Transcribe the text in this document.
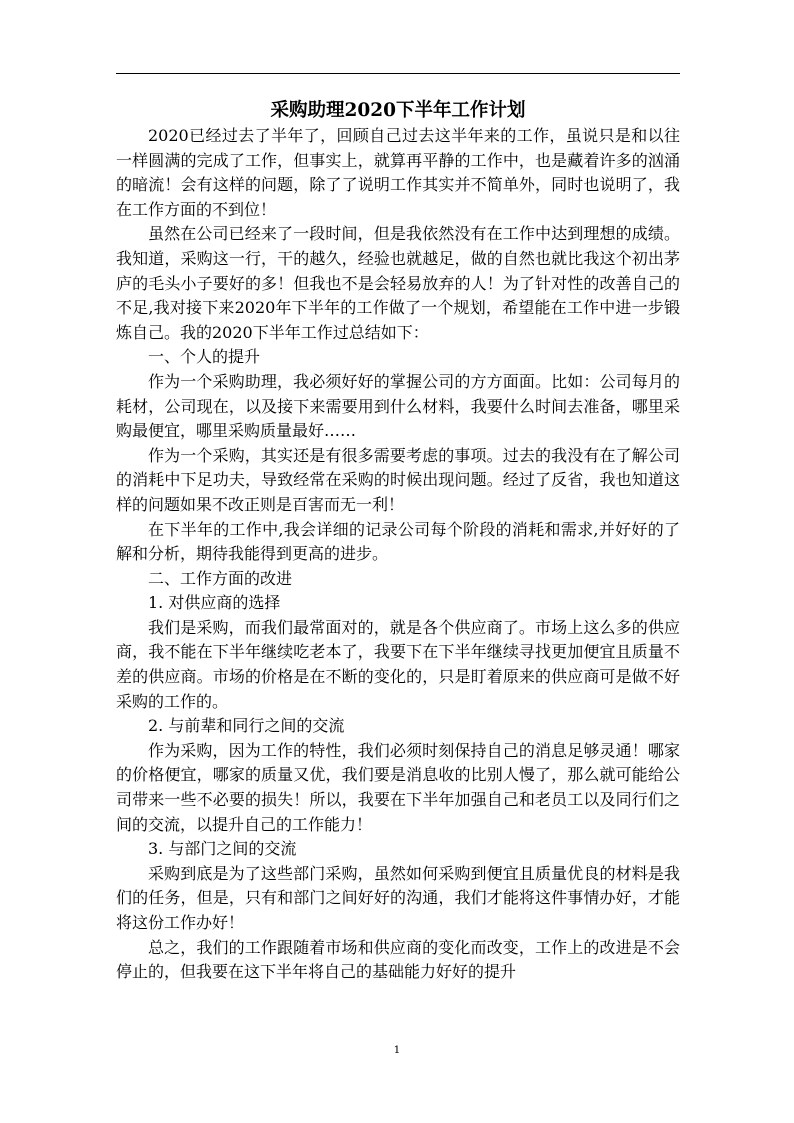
采购助理2020下半年工作计划

2020已经过去了半年了，回顾自己过去这半年来的工作，虽说只是和以往一样圆满的完成了工作，但事实上，就算再平静的工作中，也是藏着许多的汹涌的暗流！会有这样的问题，除了了说明工作其实并不简单外，同时也说明了，我在工作方面的不到位！

虽然在公司已经来了一段时间，但是我依然没有在工作中达到理想的成绩。我知道，采购这一行，干的越久，经验也就越足，做的自然也就比我这个初出茅庐的毛头小子要好的多！但我也不是会轻易放弃的人！为了针对性的改善自己的不足,我对接下来2020年下半年的工作做了一个规划，希望能在工作中进一步锻炼自己。我的2020下半年工作过总结如下：

一、个人的提升

作为一个采购助理，我必须好好的掌握公司的方方面面。比如：公司每月的耗材，公司现在，以及接下来需要用到什么材料，我要什么时间去准备，哪里采购最便宜，哪里采购质量最好……

作为一个采购，其实还是有很多需要考虑的事项。过去的我没有在了解公司的消耗中下足功夫，导致经常在采购的时候出现问题。经过了反省，我也知道这样的问题如果不改正则是百害而无一利！

在下半年的工作中,我会详细的记录公司每个阶段的消耗和需求,并好好的了解和分析，期待我能得到更高的进步。

二、工作方面的改进

1. 对供应商的选择

我们是采购，而我们最常面对的，就是各个供应商了。市场上这么多的供应商，我不能在下半年继续吃老本了，我要下在下半年继续寻找更加便宜且质量不差的供应商。市场的价格是在不断的变化的，只是盯着原来的供应商可是做不好采购的工作的。

2. 与前辈和同行之间的交流

作为采购，因为工作的特性，我们必须时刻保持自己的消息足够灵通！哪家的价格便宜，哪家的质量又优，我们要是消息收的比别人慢了，那么就可能给公司带来一些不必要的损失！所以，我要在下半年加强自己和老员工以及同行们之间的交流，以提升自己的工作能力！

3. 与部门之间的交流

采购到底是为了这些部门采购，虽然如何采购到便宜且质量优良的材料是我们的任务，但是，只有和部门之间好好的沟通，我们才能将这件事情办好，才能将这份工作办好！

总之，我们的工作跟随着市场和供应商的变化而改变，工作上的改进是不会停止的，但我要在这下半年将自己的基础能力好好的提升

1
